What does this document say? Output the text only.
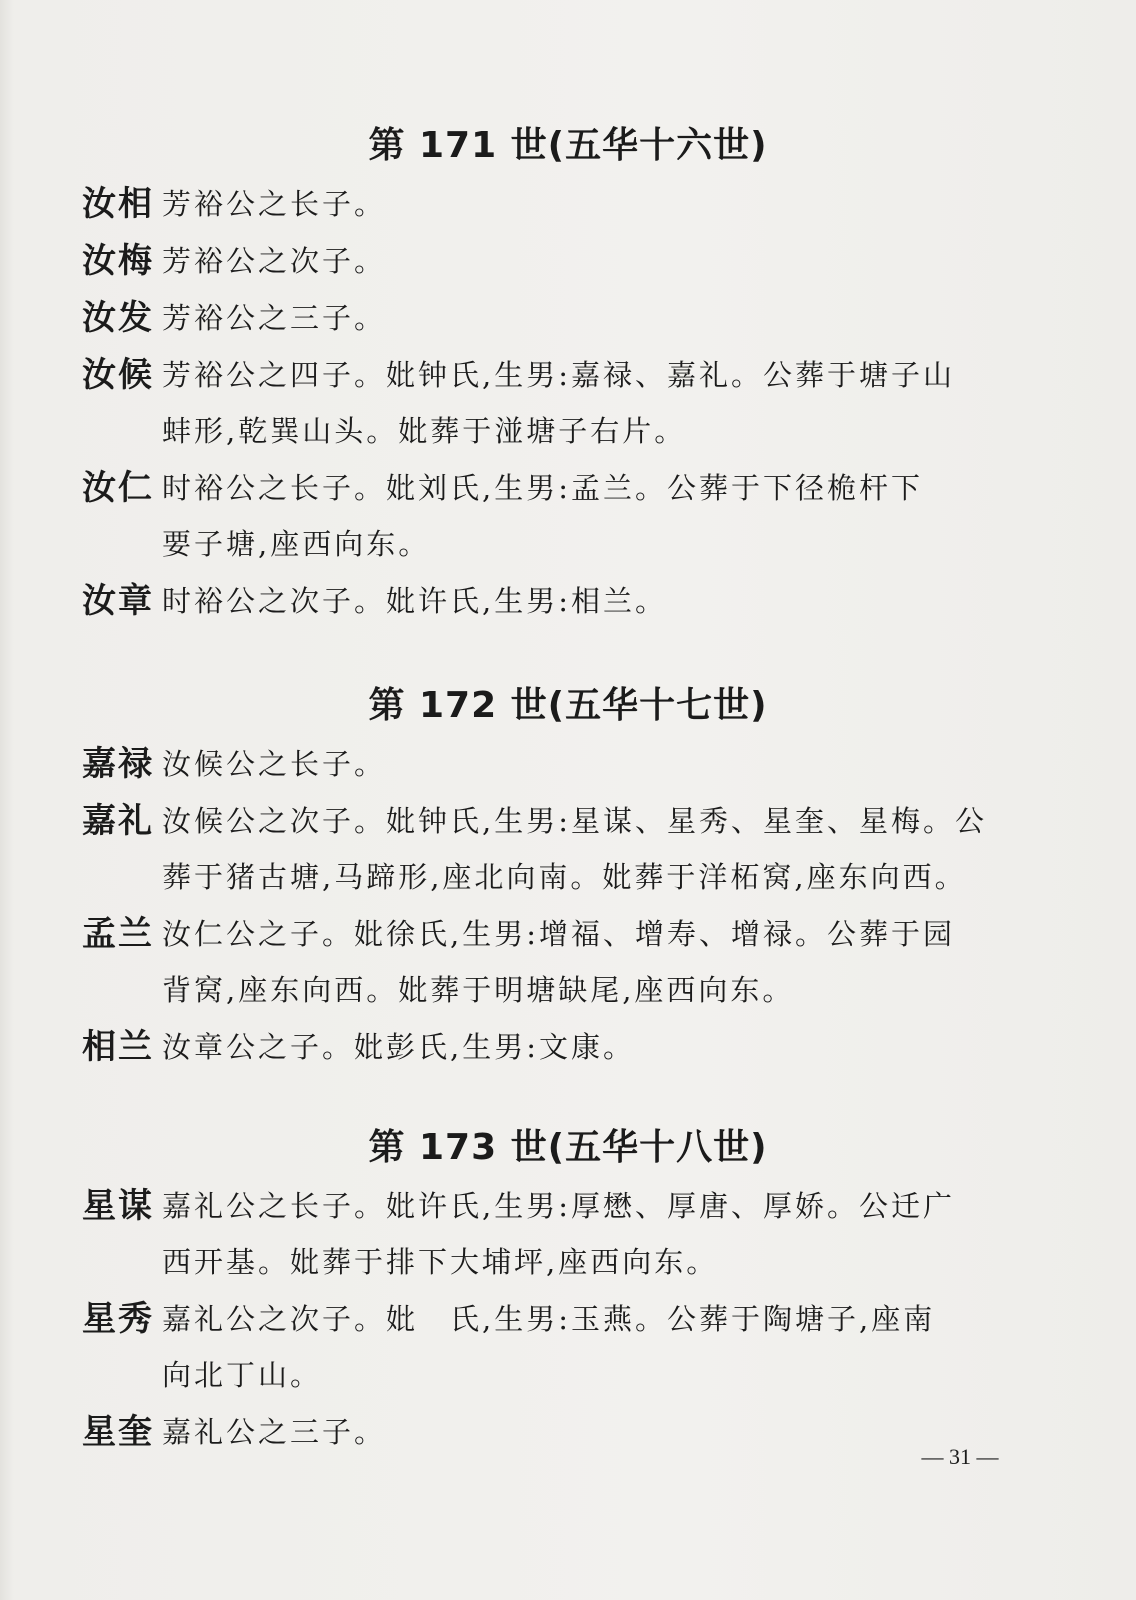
第 171 世(五华十六世)
汝相 芳裕公之长子。
汝梅 芳裕公之次子。
汝发 芳裕公之三子。
汝候 芳裕公之四子。妣钟氏,生男:嘉禄、嘉礼。公葬于塘子山
蚌形,乾巽山头。妣葬于湴塘子右片。
汝仁 时裕公之长子。妣刘氏,生男:孟兰。公葬于下径桅杆下
要子塘,座西向东。
汝章 时裕公之次子。妣许氏,生男:相兰。
第 172 世(五华十七世)
嘉禄 汝候公之长子。
嘉礼 汝候公之次子。妣钟氏,生男:星谋、星秀、星奎、星梅。公
葬于猪古塘,马蹄形,座北向南。妣葬于洋柘窝,座东向西。
孟兰 汝仁公之子。妣徐氏,生男:增福、增寿、增禄。公葬于园
背窝,座东向西。妣葬于明塘缺尾,座西向东。
相兰 汝章公之子。妣彭氏,生男:文康。
第 173 世(五华十八世)
星谋 嘉礼公之长子。妣许氏,生男:厚懋、厚唐、厚娇。公迁广
西开基。妣葬于排下大埔坪,座西向东。
星秀 嘉礼公之次子。妣　氏,生男:玉燕。公葬于陶塘子,座南
向北丁山。
星奎 嘉礼公之三子。
— 31 —
